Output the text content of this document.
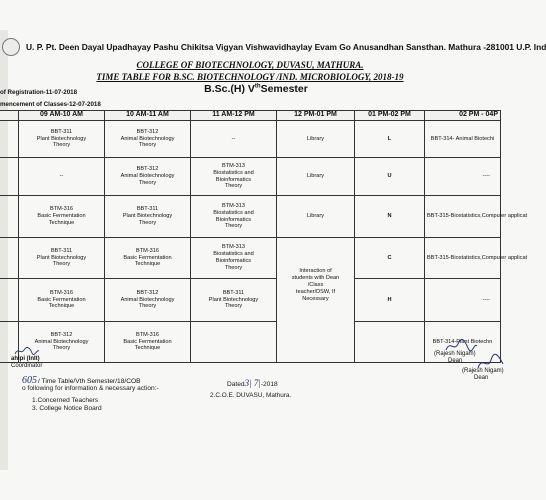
U. P. Pt. Deen Dayal Upadhayay Pashu Chikitsa Vigyan Vishwavidhaylay Evam Go Anusandhan Sansthan. Mathura -281001 U.P. Ind
COLLEGE OF BIOTECHNOLOGY, DUVASU, MATHURA.
TIME TABLE FOR B.SC. BIOTECHNOLOGY /IND. MICROBIOLOGY, 2018-19
B.Sc.(H) VthSemester
of Registration-11-07-2018
mencement of Classes-12-07-2018
	09 AM-10 AM	10 AM-11 AM	11 AM-12 PM	12 PM-01 PM	01 PM-02 PM	02 PM - 04P
	BBT-311
Plant Biotechnology
Theory	BBT-312
Animal Biotechnology
Theory	--	Library	L	BBT-314- Animal Biotechi
	--	BBT-312
Animal Biotechnology
Theory	BTM-313
Biostatistics and
Bioinformatics
Theory	Library	U	----
	BTM-316
Basic Fermentation
Technique	BBT-311
Plant Biotechnology
Theory	BTM-313
Biostatistics and
Bioinformatics
Theory	Library	N	BBT-315-Biostatistics,Computer applicat
	BBT-311
Plant Biotechnology
Theory	BTM-316
Basic Fermentation
Technique	BTM-313
Biostatistics and
Bioinformatics
Theory	Interaction of
students with Dean
/Class
teacher/DSW, If
Necessary	C	BBT-315-Biostatistics,Computer applicat
	BTM-316
Basic Fermentation
Technique	BBT-312
Animal Biotechnology
Theory	BBT-311
Plant Biotechnology
Theory		H	----
	BBT-312
Animal Biotechnology
Theory	BTM-316
Basic Fermentation
Technique				BBT-314-Plant Biotechn
ahipi (Inlt)
Coordinator
(Rajesh Nigam)
Dean
(Rajesh Nigam)
Dean
605 / Time Table/Vth Semester/18/COB
o following for information & necessary action:-
1.Concerned Teachers
3. College Notice Board
Dated3| 7|-2018
2.C.O.E. DUVASU, Mathura.
